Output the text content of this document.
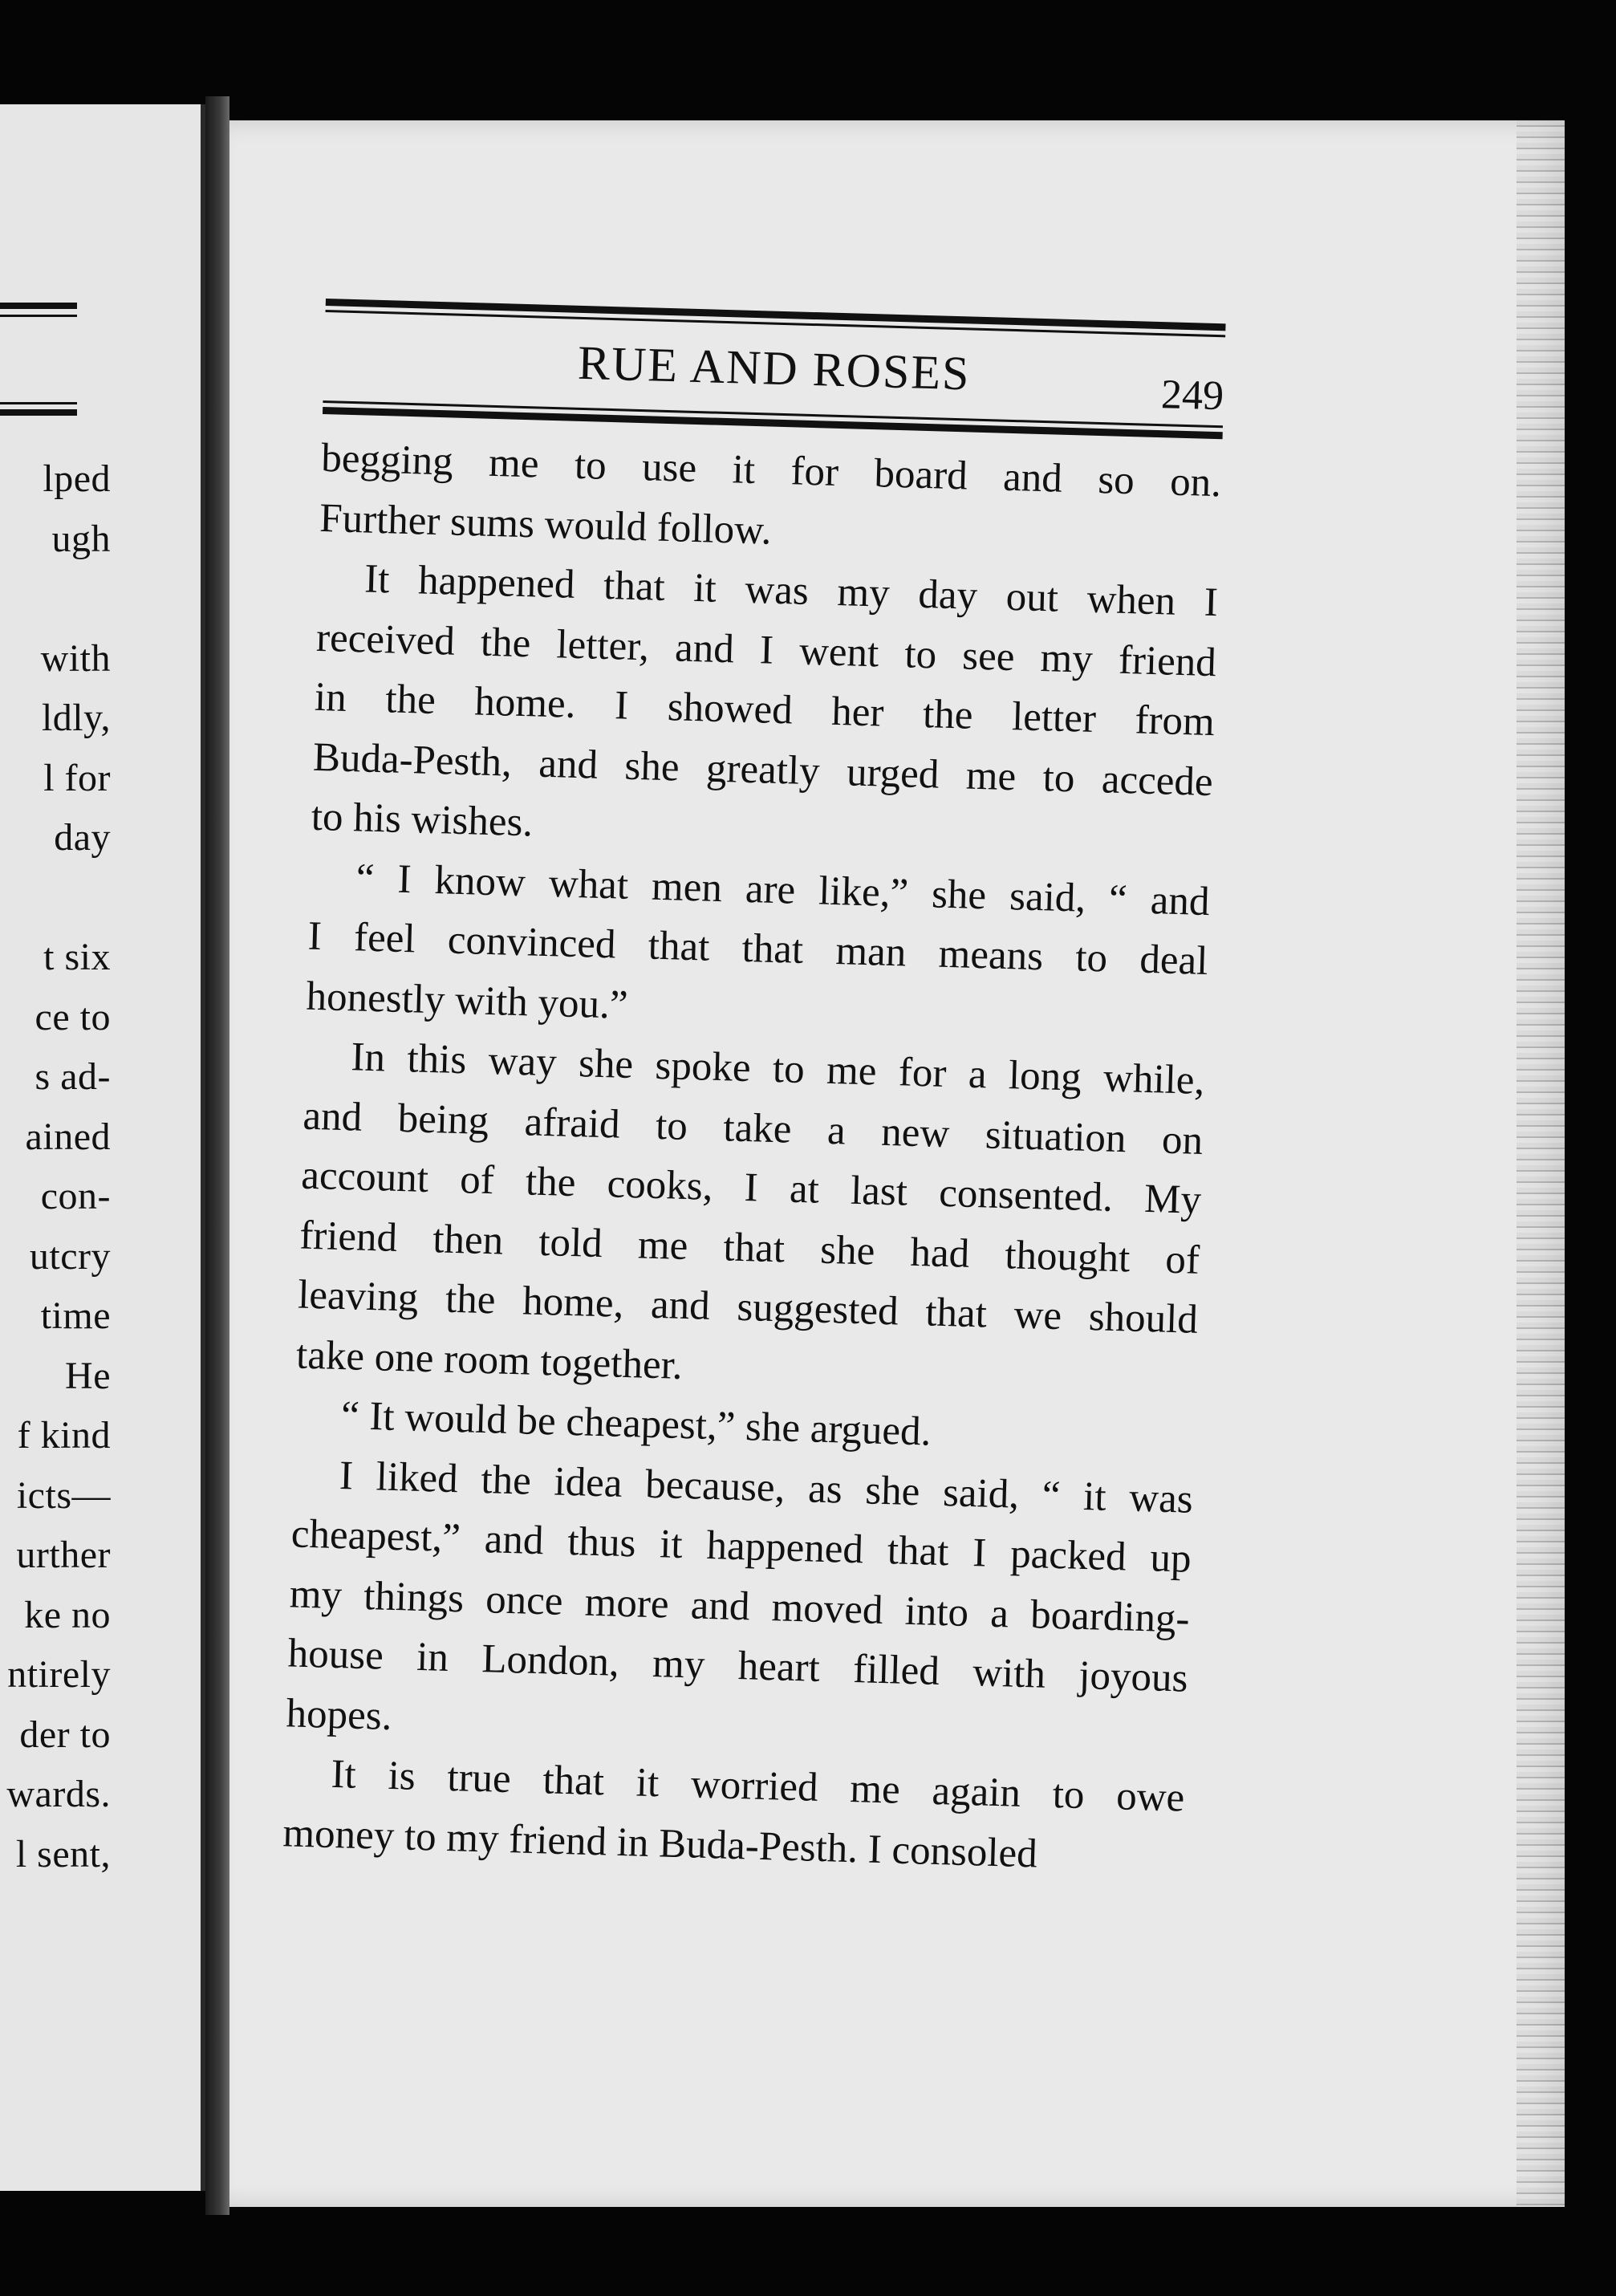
lped
ugh
with
ldly,
l for
day
t six
ce to
s ad-
ained
con-
utcry
time
He
f kind
icts—
urther
ke no
ntirely
der to
wards.
l sent,
RUE AND ROSES	249

begging me to use it for board and so on.
Further sums would follow.

It happened that it was my day out when I
received the letter, and I went to see my friend
in the home. I showed her the letter from
Buda-Pesth, and she greatly urged me to accede
to his wishes.

“ I know what men are like,” she said, “ and
I feel convinced that that man means to deal
honestly with you.”

In this way she spoke to me for a long while,
and being afraid to take a new situation on
account of the cooks, I at last consented. My
friend then told me that she had thought of
leaving the home, and suggested that we should
take one room together.

“ It would be cheapest,” she argued.

I liked the idea because, as she said, “ it was
cheapest,” and thus it happened that I packed up
my things once more and moved into a boarding-
house in London, my heart filled with joyous
hopes.

It is true that it worried me again to owe
money to my friend in Buda-Pesth. I consoled
